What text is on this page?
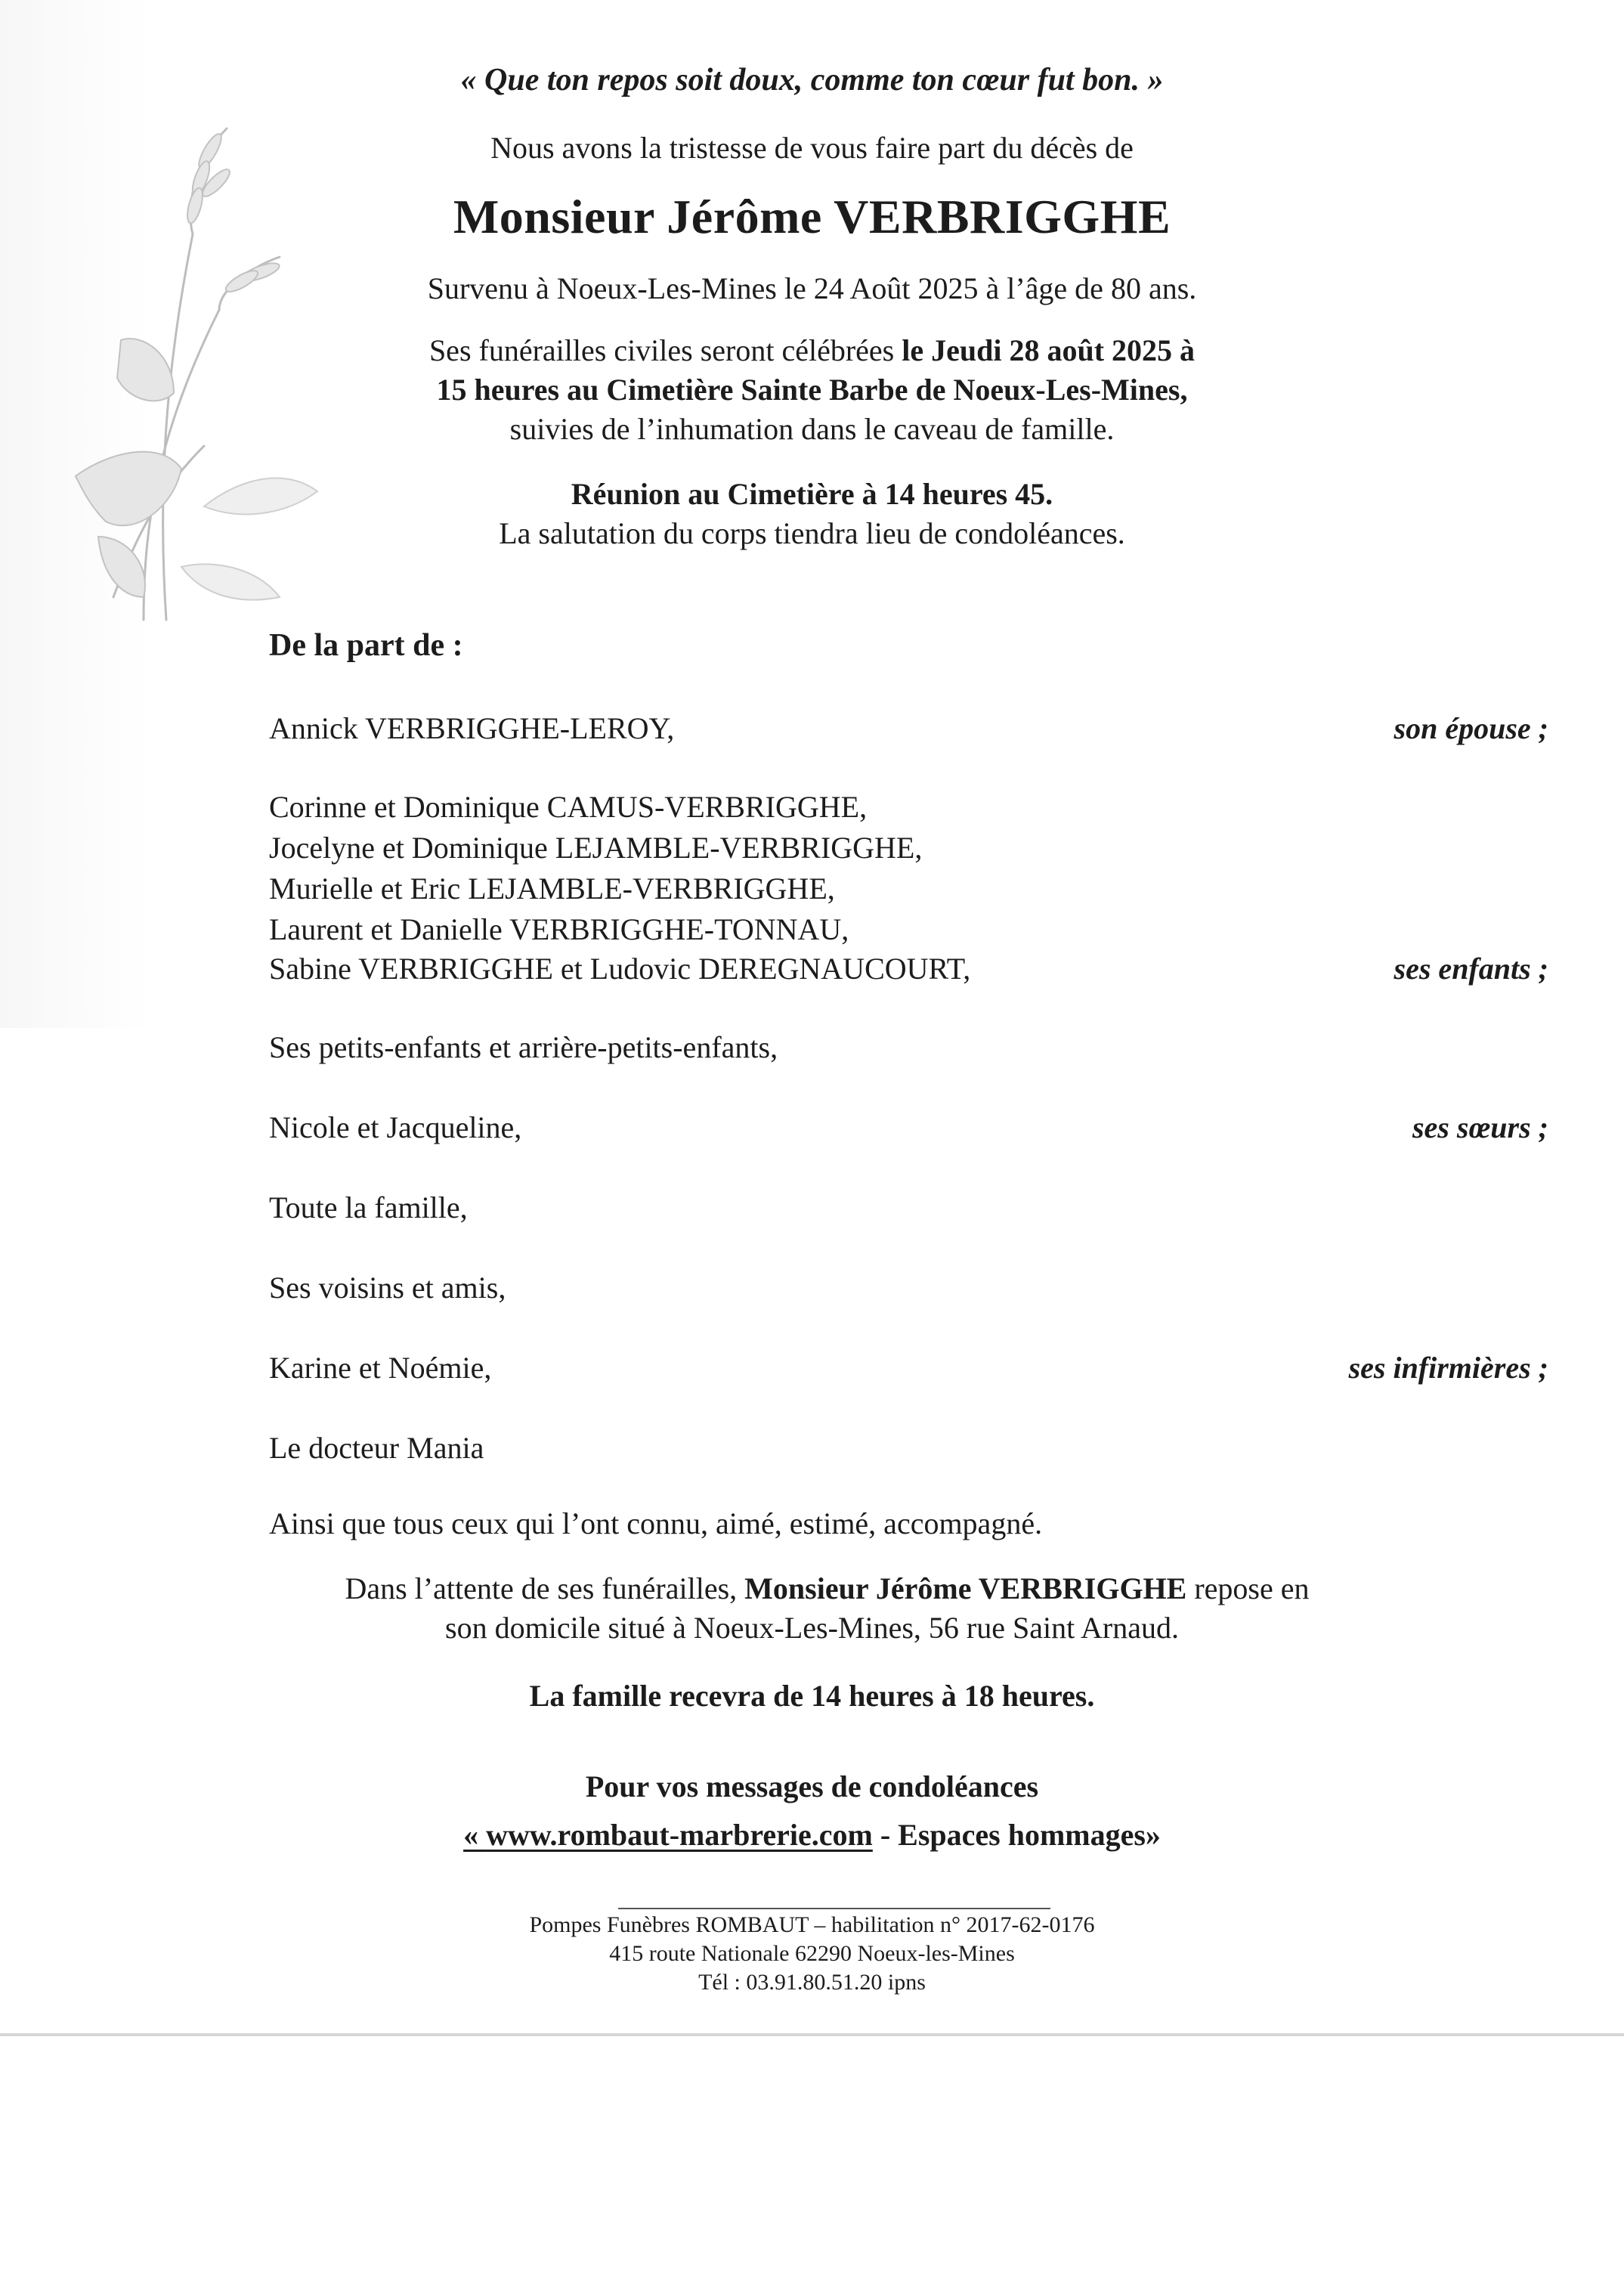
« Que ton repos soit doux, comme ton cœur fut bon. »
Nous avons la tristesse de vous faire part du décès de
Monsieur Jérôme VERBRIGGHE
Survenu à Noeux-Les-Mines le 24 Août 2025 à l’âge de 80 ans.
Ses funérailles civiles seront célébrées le Jeudi 28 août 2025 à
15 heures au Cimetière Sainte Barbe de Noeux-Les-Mines,
suivies de l’inhumation dans le caveau de famille.
Réunion au Cimetière à 14 heures 45.
La salutation du corps tiendra lieu de condoléances.
De la part de :
Annick VERBRIGGHE-LEROY,	son épouse ;
Corinne et Dominique CAMUS-VERBRIGGHE,
Jocelyne et Dominique LEJAMBLE-VERBRIGGHE,
Murielle et Eric LEJAMBLE-VERBRIGGHE,
Laurent et Danielle VERBRIGGHE-TONNAU,
Sabine VERBRIGGHE et Ludovic DEREGNAUCOURT,	ses enfants ;
Ses petits-enfants et arrière-petits-enfants,
Nicole et Jacqueline,	ses sœurs ;
Toute la famille,
Ses voisins et amis,
Karine et Noémie,	ses infirmières ;
Le docteur Mania
Ainsi que tous ceux qui l’ont connu, aimé, estimé, accompagné.
Dans l’attente de ses funérailles, Monsieur Jérôme VERBRIGGHE repose en
son domicile situé à Noeux-Les-Mines, 56 rue Saint Arnaud.
La famille recevra de 14 heures à 18 heures.
Pour vos messages de condoléances
« www.rombaut-marbrerie.com - Espaces hommages»
Pompes Funèbres ROMBAUT – habilitation n° 2017-62-0176
415 route Nationale 62290 Noeux-les-Mines
Tél : 03.91.80.51.20 ipns
